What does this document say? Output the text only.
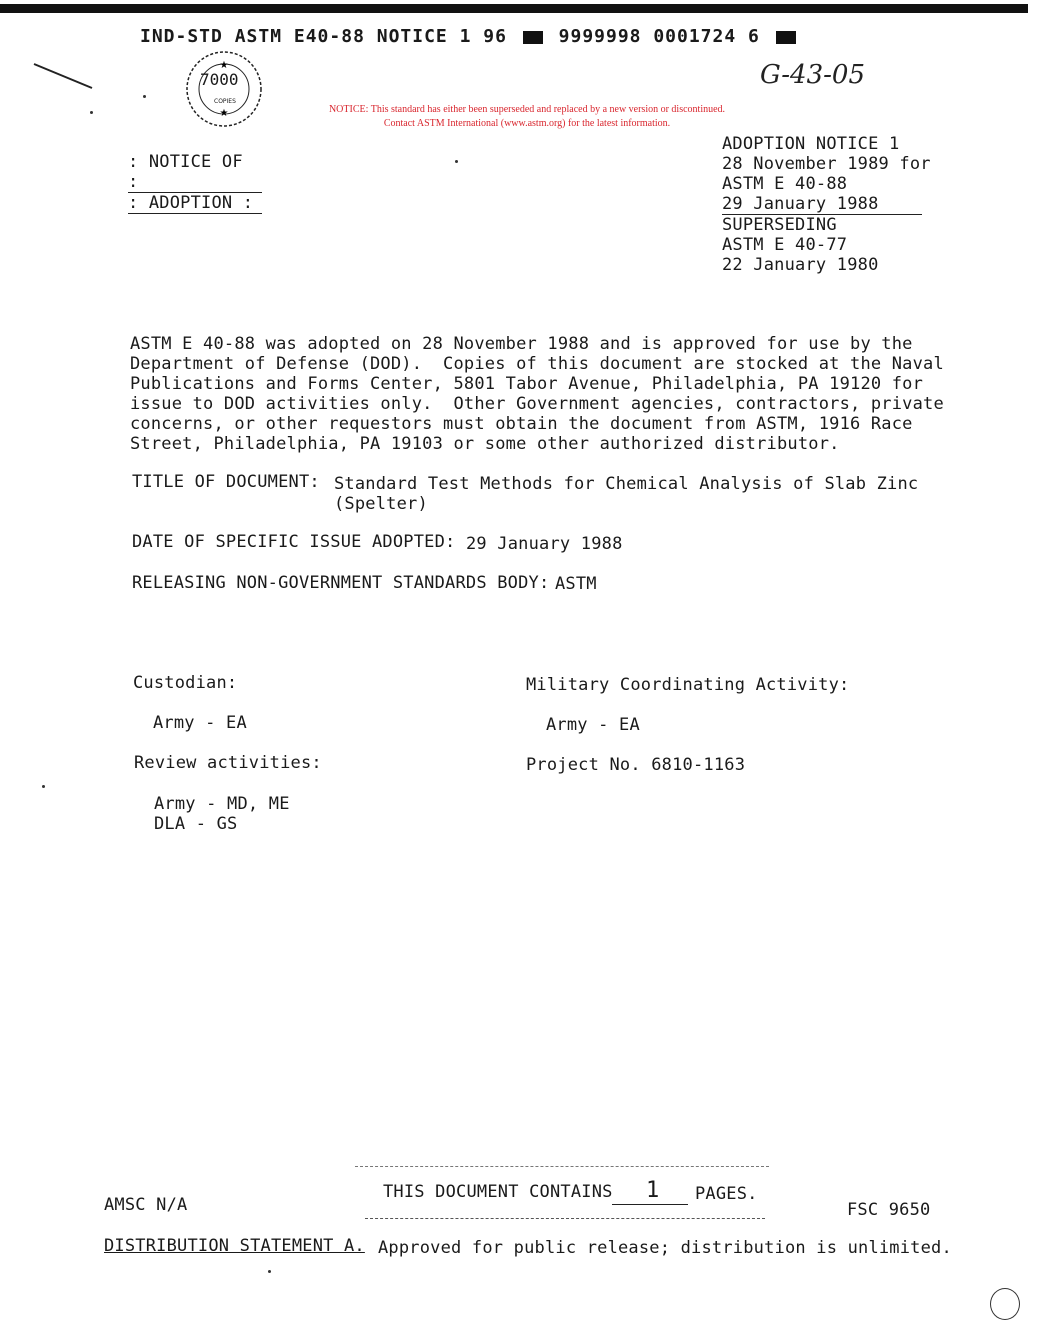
IND-STD ASTM E40-88 NOTICE 1 96	9999998 0001724 6
★
★
7000
COPIES
G-43-05
NOTICE: This standard has either been superseded and replaced by a new version or discontinued.
Contact ASTM International (www.astm.org) for the latest information.
: NOTICE OF :
: ADOPTION :
ADOPTION NOTICE 1
28 November 1989 for
ASTM E 40-88
29 January 1988
SUPERSEDING
ASTM E 40-77
22 January 1980
ASTM E 40-88 was adopted on 28 November 1988 and is approved for use by the
Department of Defense (DOD).  Copies of this document are stocked at the Naval
Publications and Forms Center, 5801 Tabor Avenue, Philadelphia, PA 19120 for
issue to DOD activities only.  Other Government agencies, contractors, private
concerns, or other requestors must obtain the document from ASTM, 1916 Race
Street, Philadelphia, PA 19103 or some other authorized distributor.
TITLE OF DOCUMENT: Standard Test Methods for Chemical Analysis of Slab Zinc
(Spelter)
DATE OF SPECIFIC ISSUE ADOPTED: 29 January 1988
RELEASING NON-GOVERNMENT STANDARDS BODY: ASTM
Custodian:
Army - EA
Review activities:
Army - MD, ME
DLA - GS
Military Coordinating Activity:
Army - EA
Project No. 6810-1163
THIS DOCUMENT CONTAINS 1 PAGES.
AMSC N/A	FSC 9650
DISTRIBUTION STATEMENT A. Approved for public release; distribution is unlimited.
